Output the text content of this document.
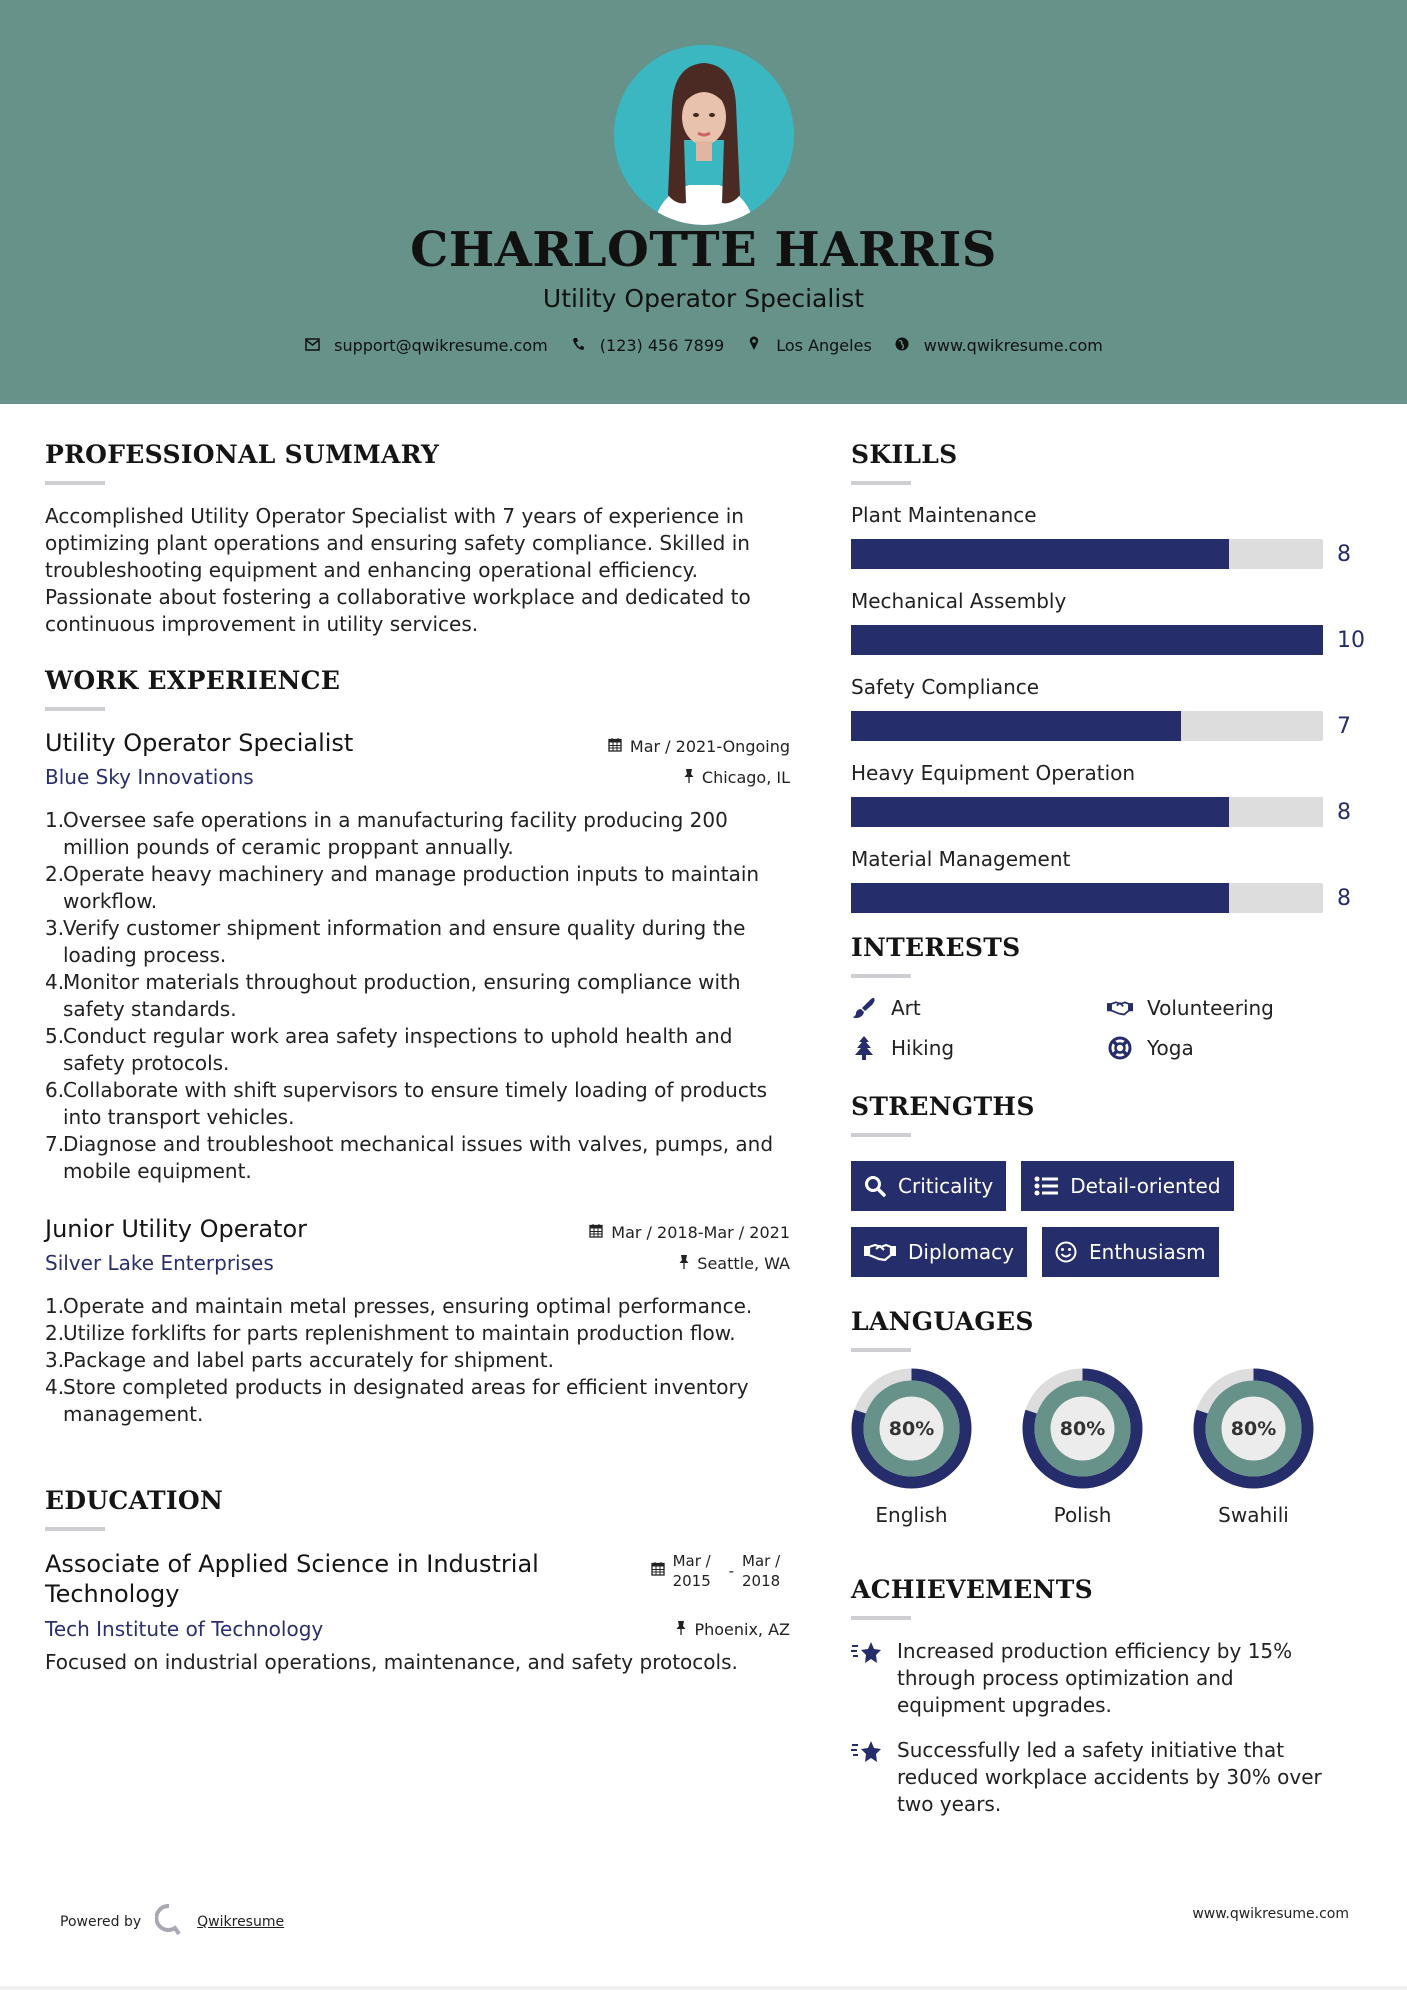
CHARLOTTE HARRIS
Utility Operator Specialist
support@qwikresume.com	(123) 456 7899	Los Angeles	www.qwikresume.com
PROFESSIONAL SUMMARY
Accomplished Utility Operator Specialist with 7 years of experience in optimizing plant operations and ensuring safety compliance. Skilled in troubleshooting equipment and enhancing operational efficiency. Passionate about fostering a collaborative workplace and dedicated to continuous improvement in utility services.
WORK EXPERIENCE
Utility Operator Specialist	Mar / 2021-Ongoing
Blue Sky Innovations	Chicago, IL
1.Oversee safe operations in a manufacturing facility producing 200 million pounds of ceramic proppant annually.
2.Operate heavy machinery and manage production inputs to maintain workflow.
3.Verify customer shipment information and ensure quality during the loading process.
4.Monitor materials throughout production, ensuring compliance with safety standards.
5.Conduct regular work area safety inspections to uphold health and safety protocols.
6.Collaborate with shift supervisors to ensure timely loading of products into transport vehicles.
7.Diagnose and troubleshoot mechanical issues with valves, pumps, and mobile equipment.
Junior Utility Operator	Mar / 2018-Mar / 2021
Silver Lake Enterprises	Seattle, WA
1.Operate and maintain metal presses, ensuring optimal performance.
2.Utilize forklifts for parts replenishment to maintain production flow.
3.Package and label parts accurately for shipment.
4.Store completed products in designated areas for efficient inventory management.
EDUCATION
Associate of Applied Science in Industrial Technology
Mar / 2015
-
Mar / 2018
Tech Institute of Technology	Phoenix, AZ
Focused on industrial operations, maintenance, and safety protocols.
SKILLS
Plant Maintenance
8
Mechanical Assembly
10
Safety Compliance
7
Heavy Equipment Operation
8
Material Management
8
INTERESTS
Art	Volunteering
Hiking	Yoga
STRENGTHS
Criticality	Detail-oriented
Diplomacy	Enthusiasm
LANGUAGES
80%
English
80%
Polish
80%
Swahili
ACHIEVEMENTS
Increased production efficiency by 15% through process optimization and equipment upgrades.
Successfully led a safety initiative that reduced workplace accidents by 30% over two years.
Powered by	Qwikresume	www.qwikresume.com
